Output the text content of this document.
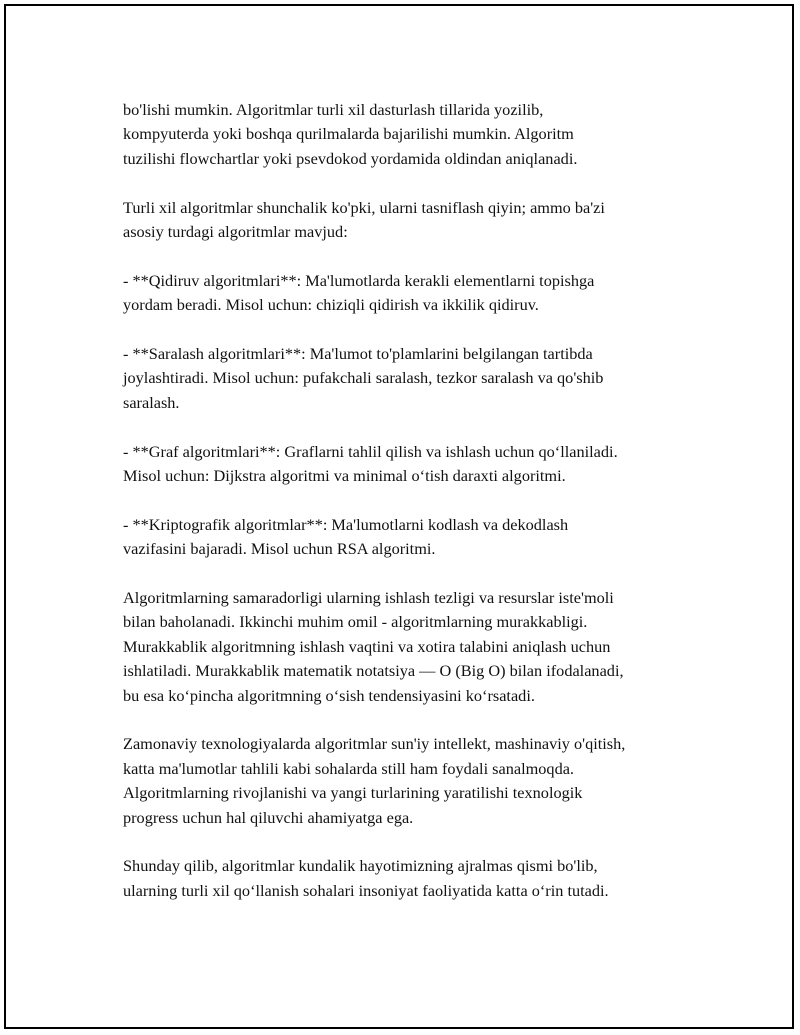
bo'lishi mumkin. Algoritmlar turli xil dasturlash tillarida yozilib,
kompyuterda yoki boshqa qurilmalarda bajarilishi mumkin. Algoritm
tuzilishi flowchartlar yoki psevdokod yordamida oldindan aniqlanadi.

Turli xil algoritmlar shunchalik ko'pki, ularni tasniflash qiyin; ammo ba'zi
asosiy turdagi algoritmlar mavjud:

- **Qidiruv algoritmlari**: Ma'lumotlarda kerakli elementlarni topishga
yordam beradi. Misol uchun: chiziqli qidirish va ikkilik qidiruv.

- **Saralash algoritmlari**: Ma'lumot to'plamlarini belgilangan tartibda
joylashtiradi. Misol uchun: pufakchali saralash, tezkor saralash va qo'shib
saralash.

- **Graf algoritmlari**: Graflarni tahlil qilish va ishlash uchun qo‘llaniladi.
Misol uchun: Dijkstra algoritmi va minimal o‘tish daraxti algoritmi.

- **Kriptografik algoritmlar**: Ma'lumotlarni kodlash va dekodlash
vazifasini bajaradi. Misol uchun RSA algoritmi.

Algoritmlarning samaradorligi ularning ishlash tezligi va resurslar iste'moli
bilan baholanadi. Ikkinchi muhim omil - algoritmlarning murakkabligi.
Murakkablik algoritmning ishlash vaqtini va xotira talabini aniqlash uchun
ishlatiladi. Murakkablik matematik notatsiya — O (Big O) bilan ifodalanadi,
bu esa ko‘pincha algoritmning o‘sish tendensiyasini ko‘rsatadi.

Zamonaviy texnologiyalarda algoritmlar sun'iy intellekt, mashinaviy o'qitish,
katta ma'lumotlar tahlili kabi sohalarda still ham foydali sanalmoqda.
Algoritmlarning rivojlanishi va yangi turlarining yaratilishi texnologik
progress uchun hal qiluvchi ahamiyatga ega.

Shunday qilib, algoritmlar kundalik hayotimizning ajralmas qismi bo'lib,
ularning turli xil qo‘llanish sohalari insoniyat faoliyatida katta o‘rin tutadi.
